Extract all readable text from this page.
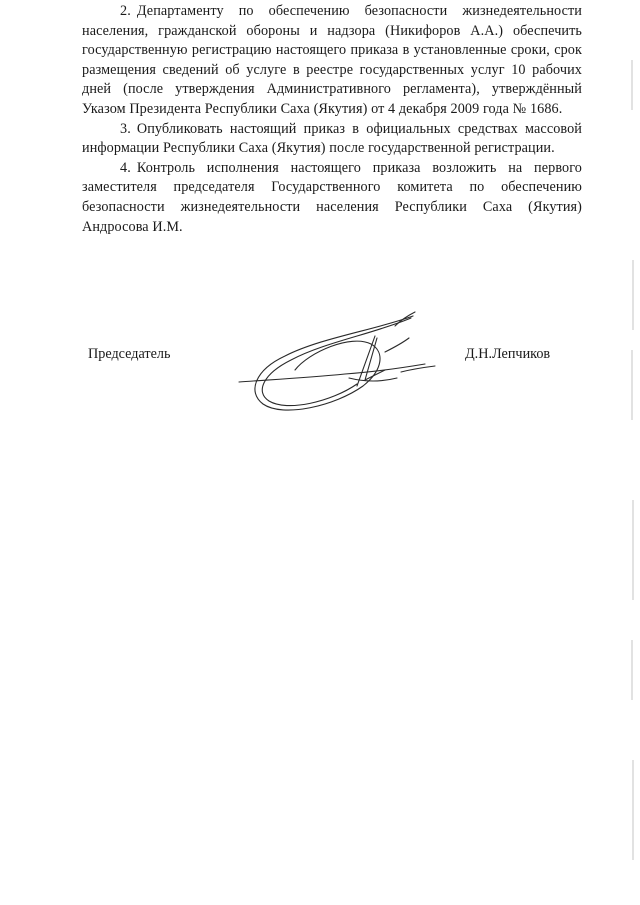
2. Департаменту по обеспечению безопасности жизнедеятельности населения, гражданской обороны и надзора (Никифоров А.А.) обеспечить государственную регистрацию настоящего приказа в установленные сроки, срок размещения сведений об услуге в реестре государственных услуг 10 рабочих дней (после утверждения Административного регламента), утверждённый Указом Президента Республики Саха (Якутия) от 4 декабря 2009 года № 1686.

3. Опубликовать настоящий приказ в официальных средствах массовой информации Республики Саха (Якутия) после государственной регистрации.

4. Контроль исполнения настоящего приказа возложить на первого заместителя председателя Государственного комитета по обеспечению безопасности жизнедеятельности населения Республики Саха (Якутия) Андросова И.М.

Председатель	Д.Н.Лепчиков
